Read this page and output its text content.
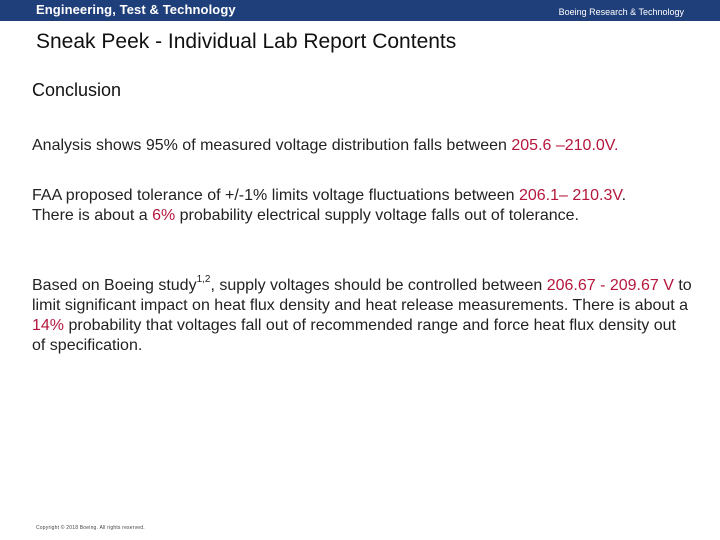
Engineering, Test & Technology	Boeing Research & Technology
Sneak Peek - Individual Lab Report Contents
Conclusion
Analysis shows 95% of measured voltage distribution falls between 205.6 –210.0V.
FAA proposed tolerance of +/-1% limits voltage fluctuations between 206.1– 210.3V. There is about a 6% probability electrical supply voltage falls out of tolerance.
Based on Boeing study$^{1,2}$, supply voltages should be controlled between 206.67 - 209.67 V to limit significant impact on heat flux density and heat release measurements. There is about a 14% probability that voltages fall out of recommended range and force heat flux density out of specification.
Copyright © 2018 Boeing. All rights reserved.
